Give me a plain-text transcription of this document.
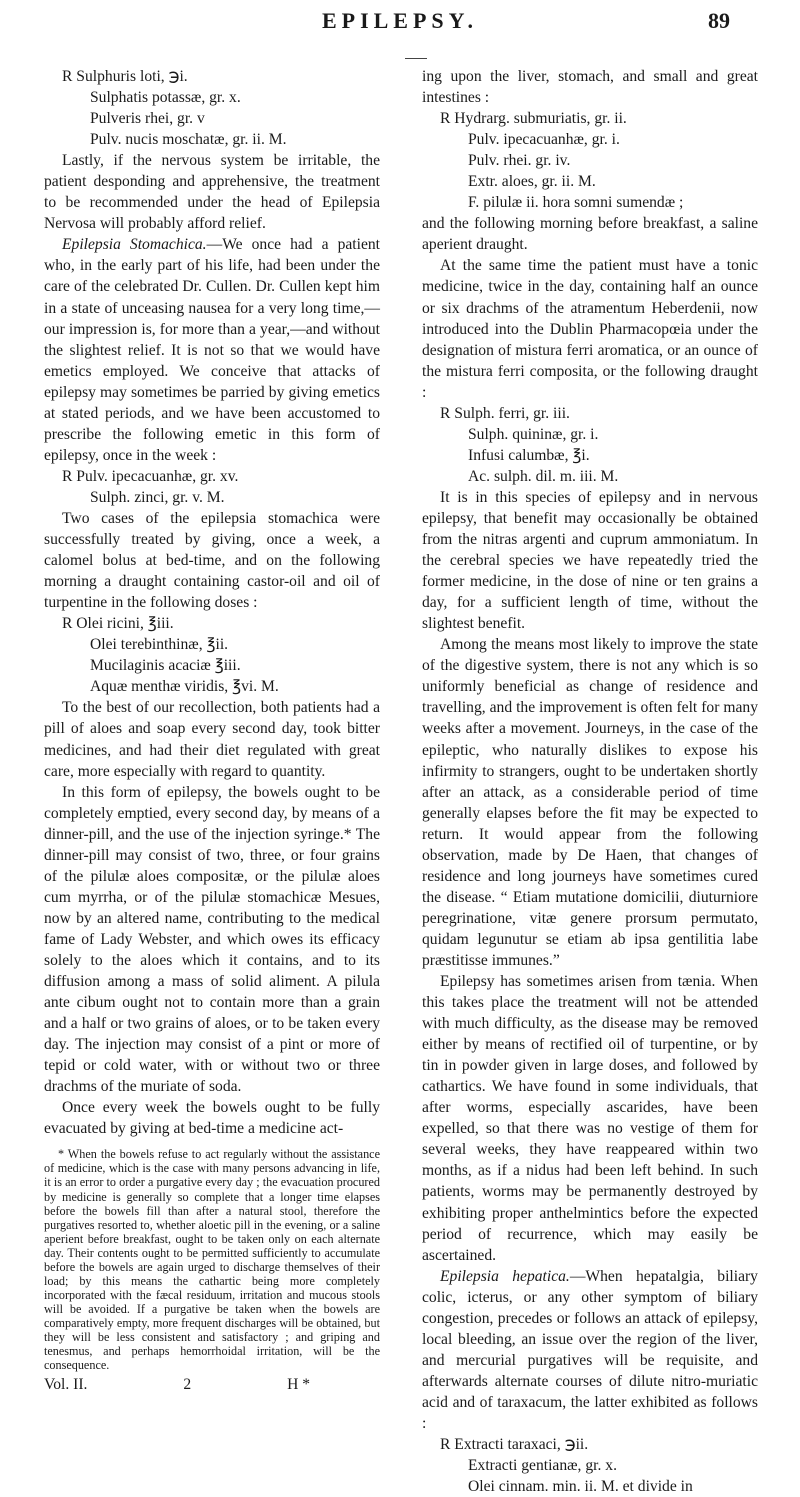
EPILEPSY.	89

R Sulphuris loti, ℈i.

Sulphatis potassæ, gr. x.

Pulveris rhei, gr. v

Pulv. nucis moschatæ, gr. ii. M.

Lastly, if the nervous system be irritable, the patient desponding and apprehensive, the treatment to be recommended under the head of Epilepsia Nervosa will probably afford relief.

Epilepsia Stomachica.—We once had a patient who, in the early part of his life, had been under the care of the celebrated Dr. Cullen. Dr. Cullen kept him in a state of unceasing nausea for a very long time,—our impression is, for more than a year,—and without the slightest relief. It is not so that we would have emetics employed. We conceive that attacks of epilepsy may sometimes be parried by giving emetics at stated periods, and we have been accustomed to prescribe the following emetic in this form of epilepsy, once in the week :

R Pulv. ipecacuanhæ, gr. xv.

Sulph. zinci, gr. v. M.

Two cases of the epilepsia stomachica were successfully treated by giving, once a week, a calomel bolus at bed-time, and on the following morning a draught containing castor-oil and oil of turpentine in the following doses :

R Olei ricini, ℥iii.

Olei terebinthinæ, ℥ii.

Mucilaginis acaciæ ℥iii.

Aquæ menthæ viridis, ℥vi. M.

To the best of our recollection, both patients had a pill of aloes and soap every second day, took bitter medicines, and had their diet regulated with great care, more especially with regard to quantity.

In this form of epilepsy, the bowels ought to be completely emptied, every second day, by means of a dinner-pill, and the use of the injection syringe.* The dinner-pill may consist of two, three, or four grains of the pilulæ aloes compositæ, or the pilulæ aloes cum myrrha, or of the pilulæ stomachicæ Mesues, now by an altered name, contributing to the medical fame of Lady Webster, and which owes its efficacy solely to the aloes which it contains, and to its diffusion among a mass of solid aliment. A pilula ante cibum ought not to contain more than a grain and a half or two grains of aloes, or to be taken every day. The injection may consist of a pint or more of tepid or cold water, with or without two or three drachms of the muriate of soda.

Once every week the bowels ought to be fully evacuated by giving at bed-time a medicine act-

* When the bowels refuse to act regularly without the assistance of medicine, which is the case with many persons advancing in life, it is an error to order a purgative every day ; the evacuation procured by medicine is generally so complete that a longer time elapses before the bowels fill than after a natural stool, therefore the purgatives resorted to, whether aloetic pill in the evening, or a saline aperient before breakfast, ought to be taken only on each alternate day. Their contents ought to be permitted sufficiently to accumulate before the bowels are again urged to discharge themselves of their load; by this means the cathartic being more completely incorporated with the fæcal residuum, irritation and mucous stools will be avoided. If a purgative be taken when the bowels are comparatively empty, more frequent discharges will be obtained, but they will be less consistent and satisfactory ; and griping and tenesmus, and perhaps hemorrhoidal irritation, will be the consequence.

Vol. II.	2	H *

ing upon the liver, stomach, and small and great intestines :

R Hydrarg. submuriatis, gr. ii.

Pulv. ipecacuanhæ, gr. i.

Pulv. rhei. gr. iv.

Extr. aloes, gr. ii. M.

F. pilulæ ii. hora somni sumendæ ;

and the following morning before breakfast, a saline aperient draught.

At the same time the patient must have a tonic medicine, twice in the day, containing half an ounce or six drachms of the atramentum Heberdenii, now introduced into the Dublin Pharmacopœia under the designation of mistura ferri aromatica, or an ounce of the mistura ferri composita, or the following draught :

R Sulph. ferri, gr. iii.

Sulph. quininæ, gr. i.

Infusi calumbæ, ℥i.

Ac. sulph. dil. m. iii. M.

It is in this species of epilepsy and in nervous epilepsy, that benefit may occasionally be obtained from the nitras argenti and cuprum ammoniatum. In the cerebral species we have repeatedly tried the former medicine, in the dose of nine or ten grains a day, for a sufficient length of time, without the slightest benefit.

Among the means most likely to improve the state of the digestive system, there is not any which is so uniformly beneficial as change of residence and travelling, and the improvement is often felt for many weeks after a movement. Journeys, in the case of the epileptic, who naturally dislikes to expose his infirmity to strangers, ought to be undertaken shortly after an attack, as a considerable period of time generally elapses before the fit may be expected to return. It would appear from the following observation, made by De Haen, that changes of residence and long journeys have sometimes cured the disease. “ Etiam mutatione domicilii, diuturniore peregrinatione, vitæ genere prorsum permutato, quidam legunutur se etiam ab ipsa gentilitia labe præstitisse immunes.”

Epilepsy has sometimes arisen from tænia. When this takes place the treatment will not be attended with much difficulty, as the disease may be removed either by means of rectified oil of turpentine, or by tin in powder given in large doses, and followed by cathartics. We have found in some individuals, that after worms, especially ascarides, have been expelled, so that there was no vestige of them for several weeks, they have reappeared within two months, as if a nidus had been left behind. In such patients, worms may be permanently destroyed by exhibiting proper anthelmintics before the expected period of recurrence, which may easily be ascertained.

Epilepsia hepatica.—When hepatalgia, biliary colic, icterus, or any other symptom of biliary congestion, precedes or follows an attack of epilepsy, local bleeding, an issue over the region of the liver, and mercurial purgatives will be requisite, and afterwards alternate courses of dilute nitro-muriatic acid and of taraxacum, the latter exhibited as follows :

R Extracti taraxaci, ℈ii.

Extracti gentianæ, gr. x.

Olei cinnam. min. ii. M. et divide in
